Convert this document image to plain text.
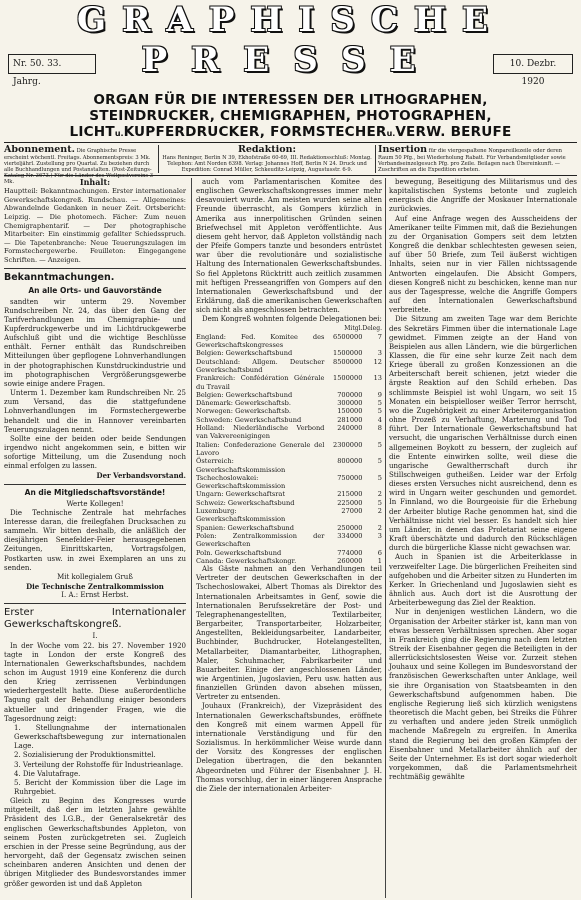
GRAPHISCHE
PRESSE
Nr. 50. 33. Jahrg.
10. Dezbr. 1920
ORGAN FÜR DIE INTERESSEN DER LITHOGRAPHEN,
STEINDRUCKER, CHEMIGRAPHEN, PHOTOGRAPHEN,
LICHTu.KUPFERDRUCKER, FORMSTECHERu.VERW. BERUFE
Abonnement. Die Graphische Presse erscheint wöchentl. Freitags. Abonnementspreis: 3 Mk. vierteljährl. Zustellung pro Quartal. Zu beziehen durch alle Buchhandlungen und Postanstalten. (Post-Zeitungs-Katalog Nr. 3673.) Für die Länder des Weltpostvereins 3 Mk.
Redaktion:
Hans Reninger, Berlin N 39, Ekhofstraße 60-69, III. Redaktionsschluß: Montag. Telephon: Amt Norden 6398. Verlag: Johannes Hoff, Berlin N 24. Druck und Expedition: Conrad Müller, Schkeuditz-Leipzig, Augustusstr. 6-9.
Insertion für die viergespaltene Nonpareillezeile oder deren Raum 50 Pfg., bei Wiederholung Rabatt. Für Verbandsmitglieder sowie Verbandseinzelgesuch Pfg. pro Zeile. Beilagen nach Übereinkunft. — Zuschriften an die Expedition erbeten.
Inhalt:
Hauptteil: Bekanntmachungen. Erster internationaler Gewerkschaftskongreß. Rundschau. — Allgemeines: Abwandelnde Gedanken in neuer Zeit. Ortsbericht: Leipzig. — Die photomech. Fächer: Zum neuen Chemigraphentarif. — Der photographische Mitarbeiter: Ein einstimmig gefallter Schiedsspruch. — Die Tapetenbranche: Neue Teuerungszulagen im Formstechergewerbe. Feuilleton: Eingegangene Schriften. — Anzeigen.
Bekanntmachungen.
An alle Orts- und Gauvorstände

sandten wir unterm 29. November Rundschreiben Nr. 24, das über den Gang der Tarifverhandlungen im Chemigraphie- und Kupferdruckgewerbe und im Lichtdruckgewerbe Aufschluß gibt und die wichtige Beschlüsse enthält. Ferner enthält das Rundschreiben Mitteilungen über gepflogene Lohnverhandlungen in der photographischen Kunstdruckindustrie und im photographischen Vergrößerungsgewerbe sowie einige andere Fragen.

Unterm 1. Dezember kam Rundschreiben Nr. 25 zum Versand, das die stattgefundene Lohnverhandlungen im Formstechergewerbe behandelt und die in Hannover vereinbarten Teuerungszulagen nennt.

Sollte eine der beiden oder beide Sendungen irgendwo nicht angekommen sein, e bitten wir sofortige Mitteilung, um die Zusendung noch einmal erfolgen zu lassen.

Der Verbandsvorstand.
An die Mitgliedschaftsvorstände!
Werte Kollegen!

Die Technische Zentrale hat mehrfaches Interesse daran, die freilegfahen Drucksachen zu sammeln. Wir bitten deshalb, die anläßlich der diesjährigen Senefelder-Feier herausgegebenen Zeitungen, Einrittskarten, Vortragsfolgen, Postkarten usw. in zwei Exemplaren an uns zu senden.

Mit kollegialem Gruß
Die Technische Zentralkommission
I. A.: Ernst Herbst.
Erster Internationaler Gewerkschaftskongreß.
I.

In der Woche vom 22. bis 27. November 1920 tagte in London der erste Kongreß des Internationalen Gewerkschaftsbundes, nachdem schon im August 1919 eine Konferenz die durch den Krieg zerrissenen Verbindungen wiederhergestellt hatte. Diese außerordentliche Tagung galt der Behandlung einiger besonders aktueller und dringender Fragen, wie die Tagesordnung zeigt:

1. Stellungnahme der internationalen Gewerkschaftsbewegung zur internationalen Lage.

2. Sozialisierung der Produktionsmittel.

3. Verteilung der Rohstoffe für Industrieanlage.

4. Die Valutafrage.

5. Bericht der Kommission über die Lage im Ruhrgebiet.

Gleich zu Beginn des Kongresses wurde mitgeteilt, daß der im letzten Jahre gewählte Präsident des I.G.B., der Generalsekretär des englischen Gewerkschaftsbundes Appleton, von seinem Posten zurückgetreten sei. Zugleich erschien in der Presse seine Begründung, aus der hervorgeht, daß der Gegensatz zwischen seinen scheinbaren anderen Ansichten und denen der übrigen Mitglieder des Bundesvorstandes immer größer geworden ist und daß Appleton

auch vom Parlamentarischen Komitee des englischen Gewerkschaftskongresses immer mehr desavouiert wurde. Am meisten wurden seine alten Freunde überrascht, als Gompers kürzlich in Amerika aus innerpolitischen Gründen seinen Briefwechsel mit Appleton veröffentlichte. Aus diesem geht hervor, daß Appleton vollständig nach der Pfeife Gompers tanzte und besonders entrüstet war über die revolutionäre und sozialistische Haltung des Internationalen Gewerkschaftsbundes. So fiel Appletons Rücktritt auch zeitlich zusammen mit heftigen Presseangriffen von Gompers auf den Internationalen Gewerkschaftsbund und der Erklärung, daß die amerikanischen Gewerkschaften sich nicht als angeschlossen betrachten.

Dem Kongreß wohnten folgende Delegationen bei:

	Mitgl.	Deleg.
England: Fed. Komitee des Gewerkschaftskongresses	6500000	7
Belgien: Gewerkschaftsbund	1500000	3
Deutschland: Allgem. Deutscher Gewerkschaftsbund	8500000	12
Frankreich: Confédération Générale du Travail	1500000	13
Belgien: Gewerkschaftsbund	700000	9
Dänemark: Gewerkschaftsb.	300000	5
Norwegen: Gewerkschaftsb.	150000	5
Schweden: Gewerkschaftsbund	281000	4
Holland: Niederländische Verbond van Vakvereenigingen	240000	8
Italien: Confederazione Generale del Lavoro	2300000	5
Österreich: Gewerkschaftskommission	800000	5
Tschechoslowakei: Gewerkschaftskommission	750000	5
Ungarn: Gewerkschaftsrat	215000	2
Schweiz: Gewerkschaftsbund	225000	5
Luxemburg: Gewerkschaftskommission	27000	2
Spanien: Gewerkschaftsbund	250000	2
Polen: Zentralkommission der Gewerkschaften	334000	3
Poln. Gewerkschaftsbund	774000	6
Canada: Gewerkschaftskongr.	260000	1

Als Gäste nahmen an den Verhandlungen teil Vertreter der deutschen Gewerkschaften in der Tschechoslowakei, Albert Thomas als Direktor des Internationalen Arbeitsamtes in Genf, sowie die Internationalen Berufssekretäre der Post- und Telegraphenangestellten, Textilarbeiter, Bergarbeiter, Transportarbeiter, Holzarbeiter, Angestellten, Bekleidungsarbeiter, Landarbeiter, Buchbinder, Buchdrucker, Hotelangestellten, Metallarbeiter, Diamantarbeiter, Lithographen, Maler, Schuhmacher, Fabrikarbeiter und Bauarbeiter. Einige der angeschlossenen Länder, wie Argentinien, Jugoslavien, Peru usw. hatten aus finanziellen Gründen davon absehen müssen, Vertreter zu entsenden.

Jouhaux (Frankreich), der Vizepräsident des Internationalen Gewerkschaftsbundes, eröffnete den Kongreß mit einem warmen Appell für internationale Verständigung und für den Sozialismus. In herkömmlicher Weise wurde dann der Vorsitz des Kongresses der englischen Delegation übertragen, die den bekannten Abgeordneten und Führer der Eisenbahner J. H. Thomas vorschlug, der in einer längeren Ansprache die Ziele der internationalen Arbeiter-

bewegung, Beseitigung des Militarismus und des kapitalistischen Systems betonte und zugleich energisch die Angriffe der Moskauer Internationale zurückwies.

Auf eine Anfrage wegen des Ausscheidens der Amerikaner teilte Fimmen mit, daß die Beziehungen zu der Organisation Gompers seit dem letzten Kongreß die denkbar schlechtesten gewesen seien, auf über 50 Briefe, zum Teil äußerst wichtigen Inhalts, seien nur in vier Fällen nichtssagende Antworten eingelaufen. Die Absicht Gompers, diesen Kongreß nicht zu beschicken, kenne man nur aus der Tagespresse, welche die Angriffe Gompers auf den Internationalen Gewerkschaftsbund verbreitete.

Die Sitzung am zweiten Tage war dem Berichte des Sekretärs Fimmen über die internationale Lage gewidmet. Fimmen zeigte an der Hand von Beispielen aus allen Ländern, wie die bürgerlichen Klassen, die für eine sehr kurze Zeit nach dem Kriege überall zu großen Konzessionen an die Arbeiterschaft bereit schienen, jetzt wieder die ärgste Reaktion auf den Schild erheben. Das schlimmste Beispiel ist wohl Ungarn, wo seit 15 Monaten ein beispielloser weißer Terror herrscht, wo die Zugehörigkeit zu einer Arbeiterorganisation ohne Prozeß zu Verhaftung, Marterung und Tod führt. Der Internationale Gewerkschaftsbund hat versucht, die ungarischen Verhältnisse durch einen allgemeinen Boykott zu bessern, der zugleich auf die Entente einwirken sollte, weil diese die ungarische Gewaltherrschaft durch ihr Stillschweigen gutheißen. Leider war der Erfolg dieses ersten Versuches nicht ausreichend, denn es wird in Ungarn weiter geschunden und gemordet. In Finnland, wo die Bourgeoisie für die Erhebung der Arbeiter blutige Rache genommen hat, sind die Verhältnisse nicht viel besser. Es handelt sich hier um Länder, in denen das Proletariat seine eigene Kraft überschätzte und dadurch den Rückschlägen durch die bürgerliche Klasse nicht gewachsen war.

Auch in Spanien ist die Arbeiterklasse in verzweifelter Lage. Die bürgerlichen Freiheiten sind aufgehoben und die Arbeiter sitzen zu Hunderten im Kerker. In Griechenland und Jugoslawien sieht es ähnlich aus. Auch dort ist die Ausrottung der Arbeiterbewegung das Ziel der Reaktion.

Nur in denjenigen westlichen Ländern, wo die Organisation der Arbeiter stärker ist, kann man von etwas besseren Verhältnissen sprechen. Aber sogar in Frankreich ging die Regierung nach dem letzten Streik der Eisenbahner gegen die Beteiligten in der allerrücksichtslosesten Weise vor. Zurzeit stehen Jouhaux und seine Kollegen im Bundesvorstand der französischen Gewerkschaften unter Anklage, weil sie ihre Organisation von Staatsbeamten in den Gewerkschaftsbund aufgenommen haben. Die englische Regierung ließ sich kürzlich wenigstens theoretisch die Macht geben, bei Streiks die Führer zu verhaften und andere jeden Streik unmöglich machende Maßregeln zu ergreifen. In Amerika stand die Regierung bei den großen Kämpfen der Eisenbahner und Metallarbeiter ähnlich auf der Seite der Unternehmer. Es ist dort sogar wiederholt vorgekommen, daß die Parlamentsmehrheit rechtmäßig gewählte
